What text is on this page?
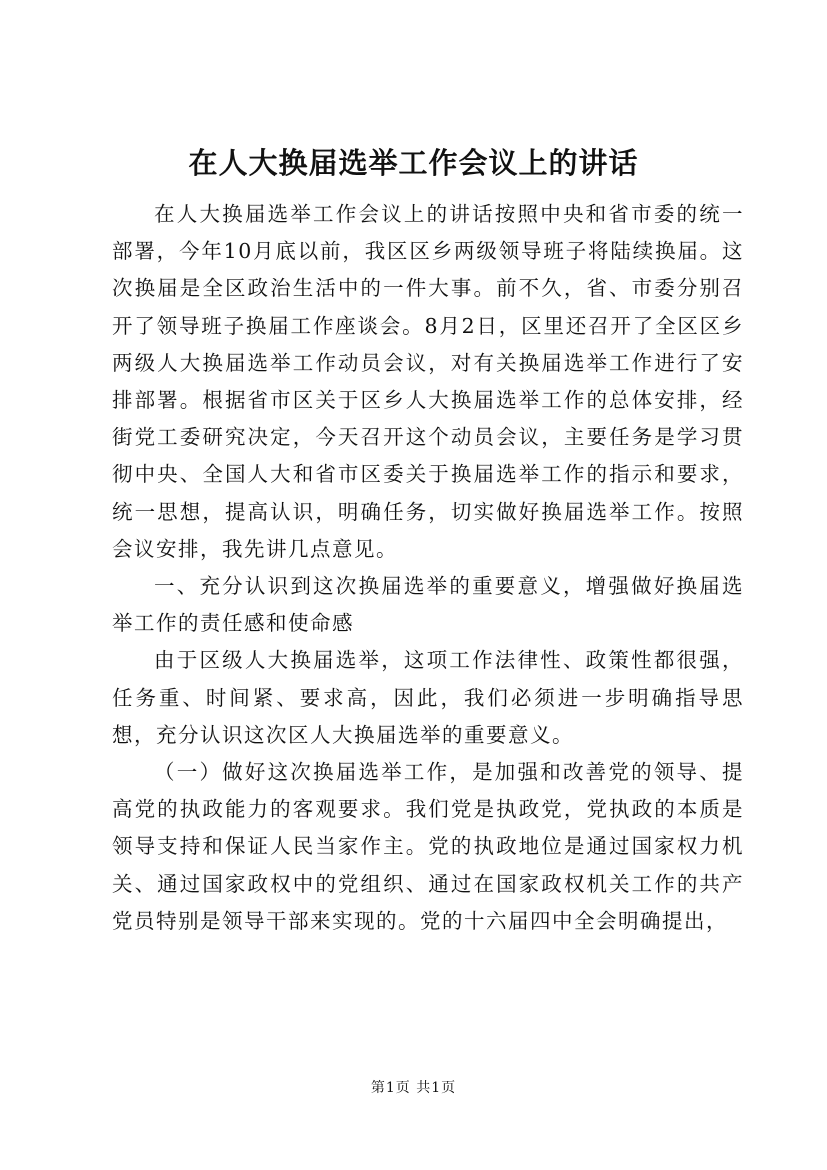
在人大换届选举工作会议上的讲话

在人大换届选举工作会议上的讲话按照中央和省市委的统一部署，今年10月底以前，我区区乡两级领导班子将陆续换届。这次换届是全区政治生活中的一件大事。前不久，省、市委分别召开了领导班子换届工作座谈会。8月2日，区里还召开了全区区乡两级人大换届选举工作动员会议，对有关换届选举工作进行了安排部署。根据省市区关于区乡人大换届选举工作的总体安排，经街党工委研究决定，今天召开这个动员会议，主要任务是学习贯彻中央、全国人大和省市区委关于换届选举工作的指示和要求，统一思想，提高认识，明确任务，切实做好换届选举工作。按照会议安排，我先讲几点意见。

一、充分认识到这次换届选举的重要意义，增强做好换届选举工作的责任感和使命感

由于区级人大换届选举，这项工作法律性、政策性都很强，任务重、时间紧、要求高，因此，我们必须进一步明确指导思想，充分认识这次区人大换届选举的重要意义。

（一）做好这次换届选举工作，是加强和改善党的领导、提高党的执政能力的客观要求。我们党是执政党，党执政的本质是领导支持和保证人民当家作主。党的执政地位是通过国家权力机关、通过国家政权中的党组织、通过在国家政权机关工作的共产党员特别是领导干部来实现的。党的十六届四中全会明确提出，

第1页 共1页
